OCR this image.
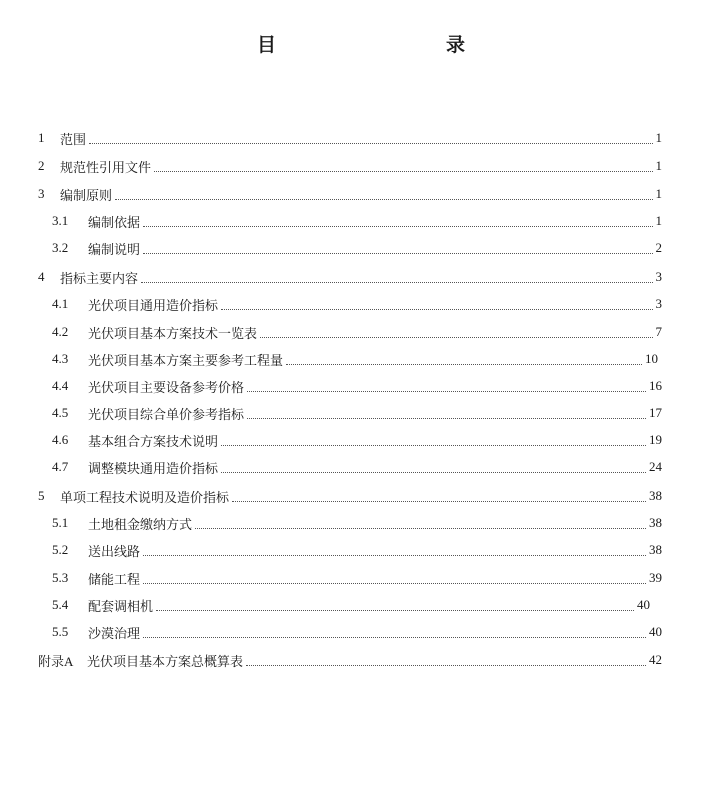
目　　录
1	范围	1
2	规范性引用文件	1
3	编制原则	1
3.1	编制依据	1
3.2	编制说明	2
4	指标主要内容	3
4.1	光伏项目通用造价指标	3
4.2	光伏项目基本方案技术一览表	7
4.3	光伏项目基本方案主要参考工程量	10
4.4	光伏项目主要设备参考价格	16
4.5	光伏项目综合单价参考指标	17
4.6	基本组合方案技术说明	19
4.7	调整模块通用造价指标	24
5	单项工程技术说明及造价指标	38
5.1	土地租金缴纳方式	38
5.2	送出线路	38
5.3	储能工程	39
5.4	配套调相机	40
5.5	沙漠治理	40
附录A	光伏项目基本方案总概算表	42
